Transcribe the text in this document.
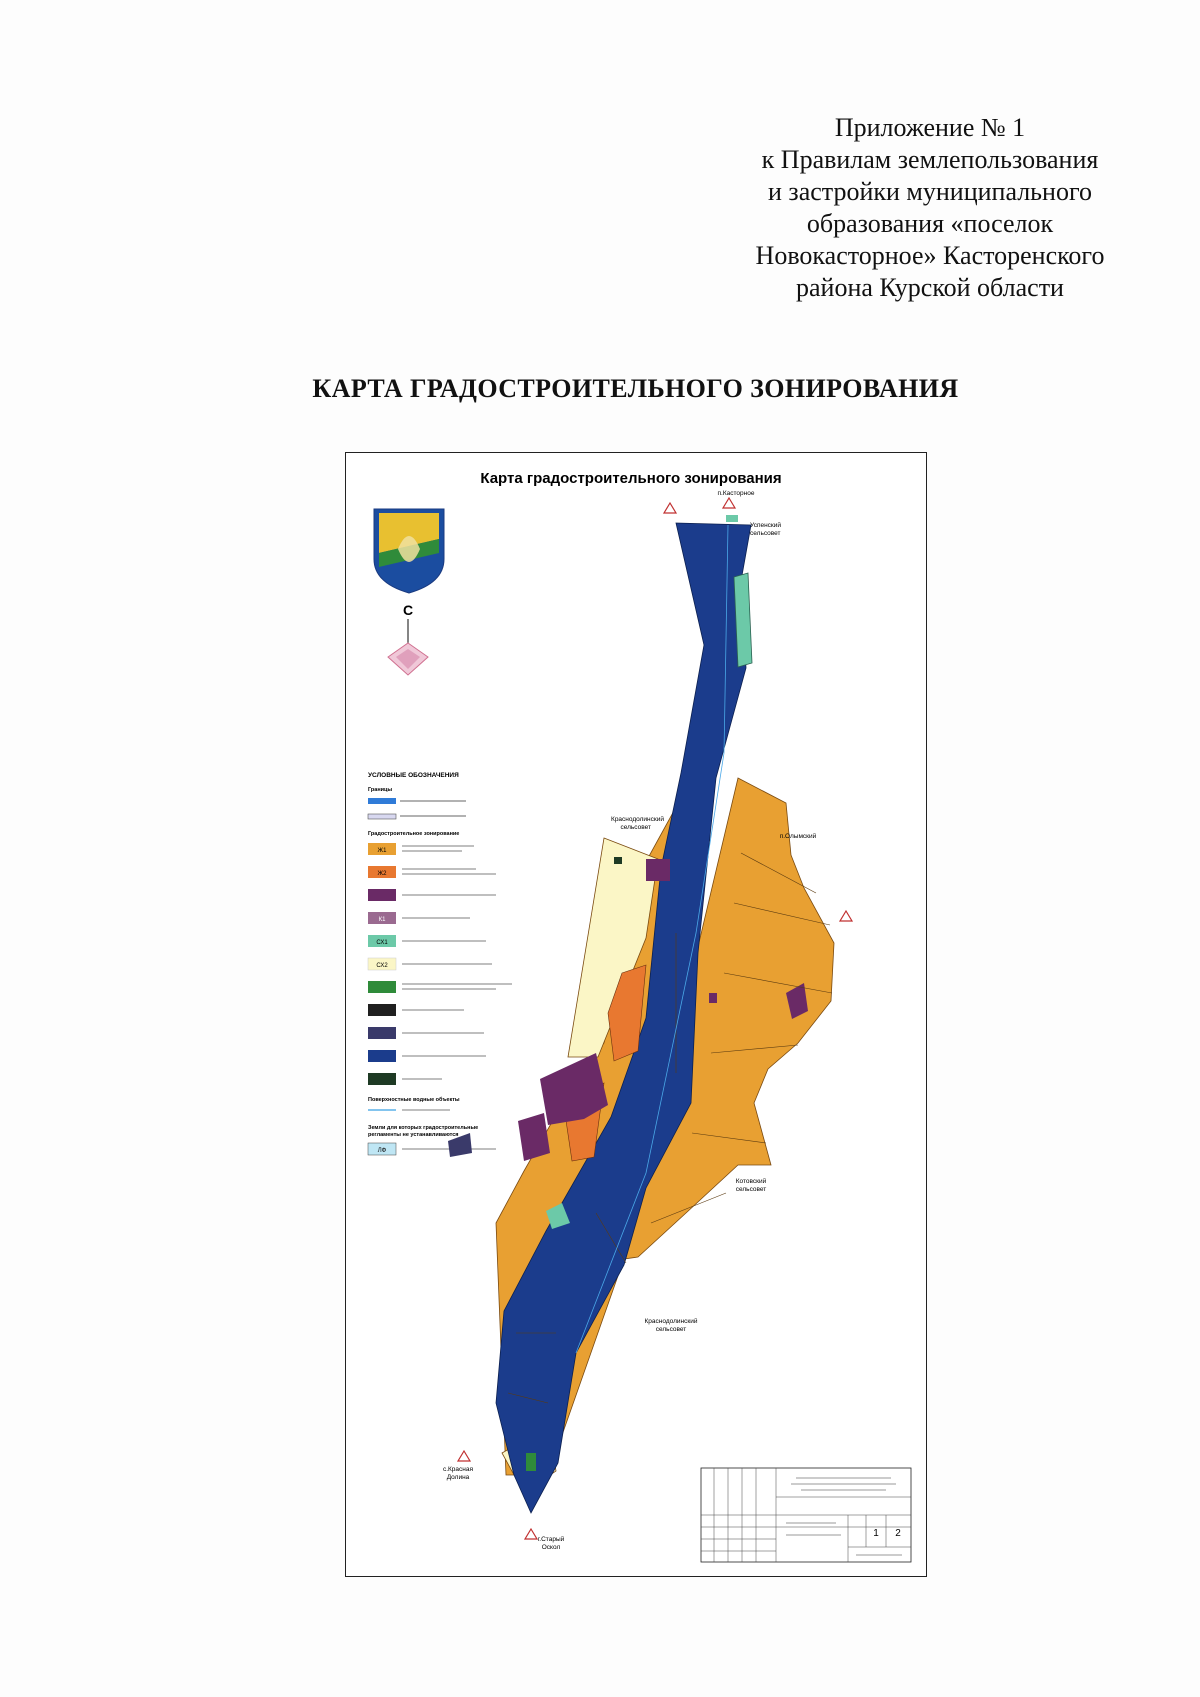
Приложение № 1
к Правилам землепользования
и застройки муниципального
образования «поселок
Новокасторное» Касторенского
района Курской области
КАРТА ГРАДОСТРОИТЕЛЬНОГО ЗОНИРОВАНИЯ
Карта градостроительного зонирования
С
УСЛОВНЫЕ ОБОЗНАЧЕНИЯ
Границы
Градостроительное зонирование
Ж1
Ж2
К1
СХ1
СХ2
Поверхностные водные объекты
Земли для которых градостроительные
регламенты не устанавливаются
ЛФ
п.Касторное
Успенский
сельсовет
Краснодолинский
сельсовет
п.Олымский
Котовский
сельсовет
Краснодолинский
сельсовет
с.Красная
Долина
г.Старый
Оскол
1 2
